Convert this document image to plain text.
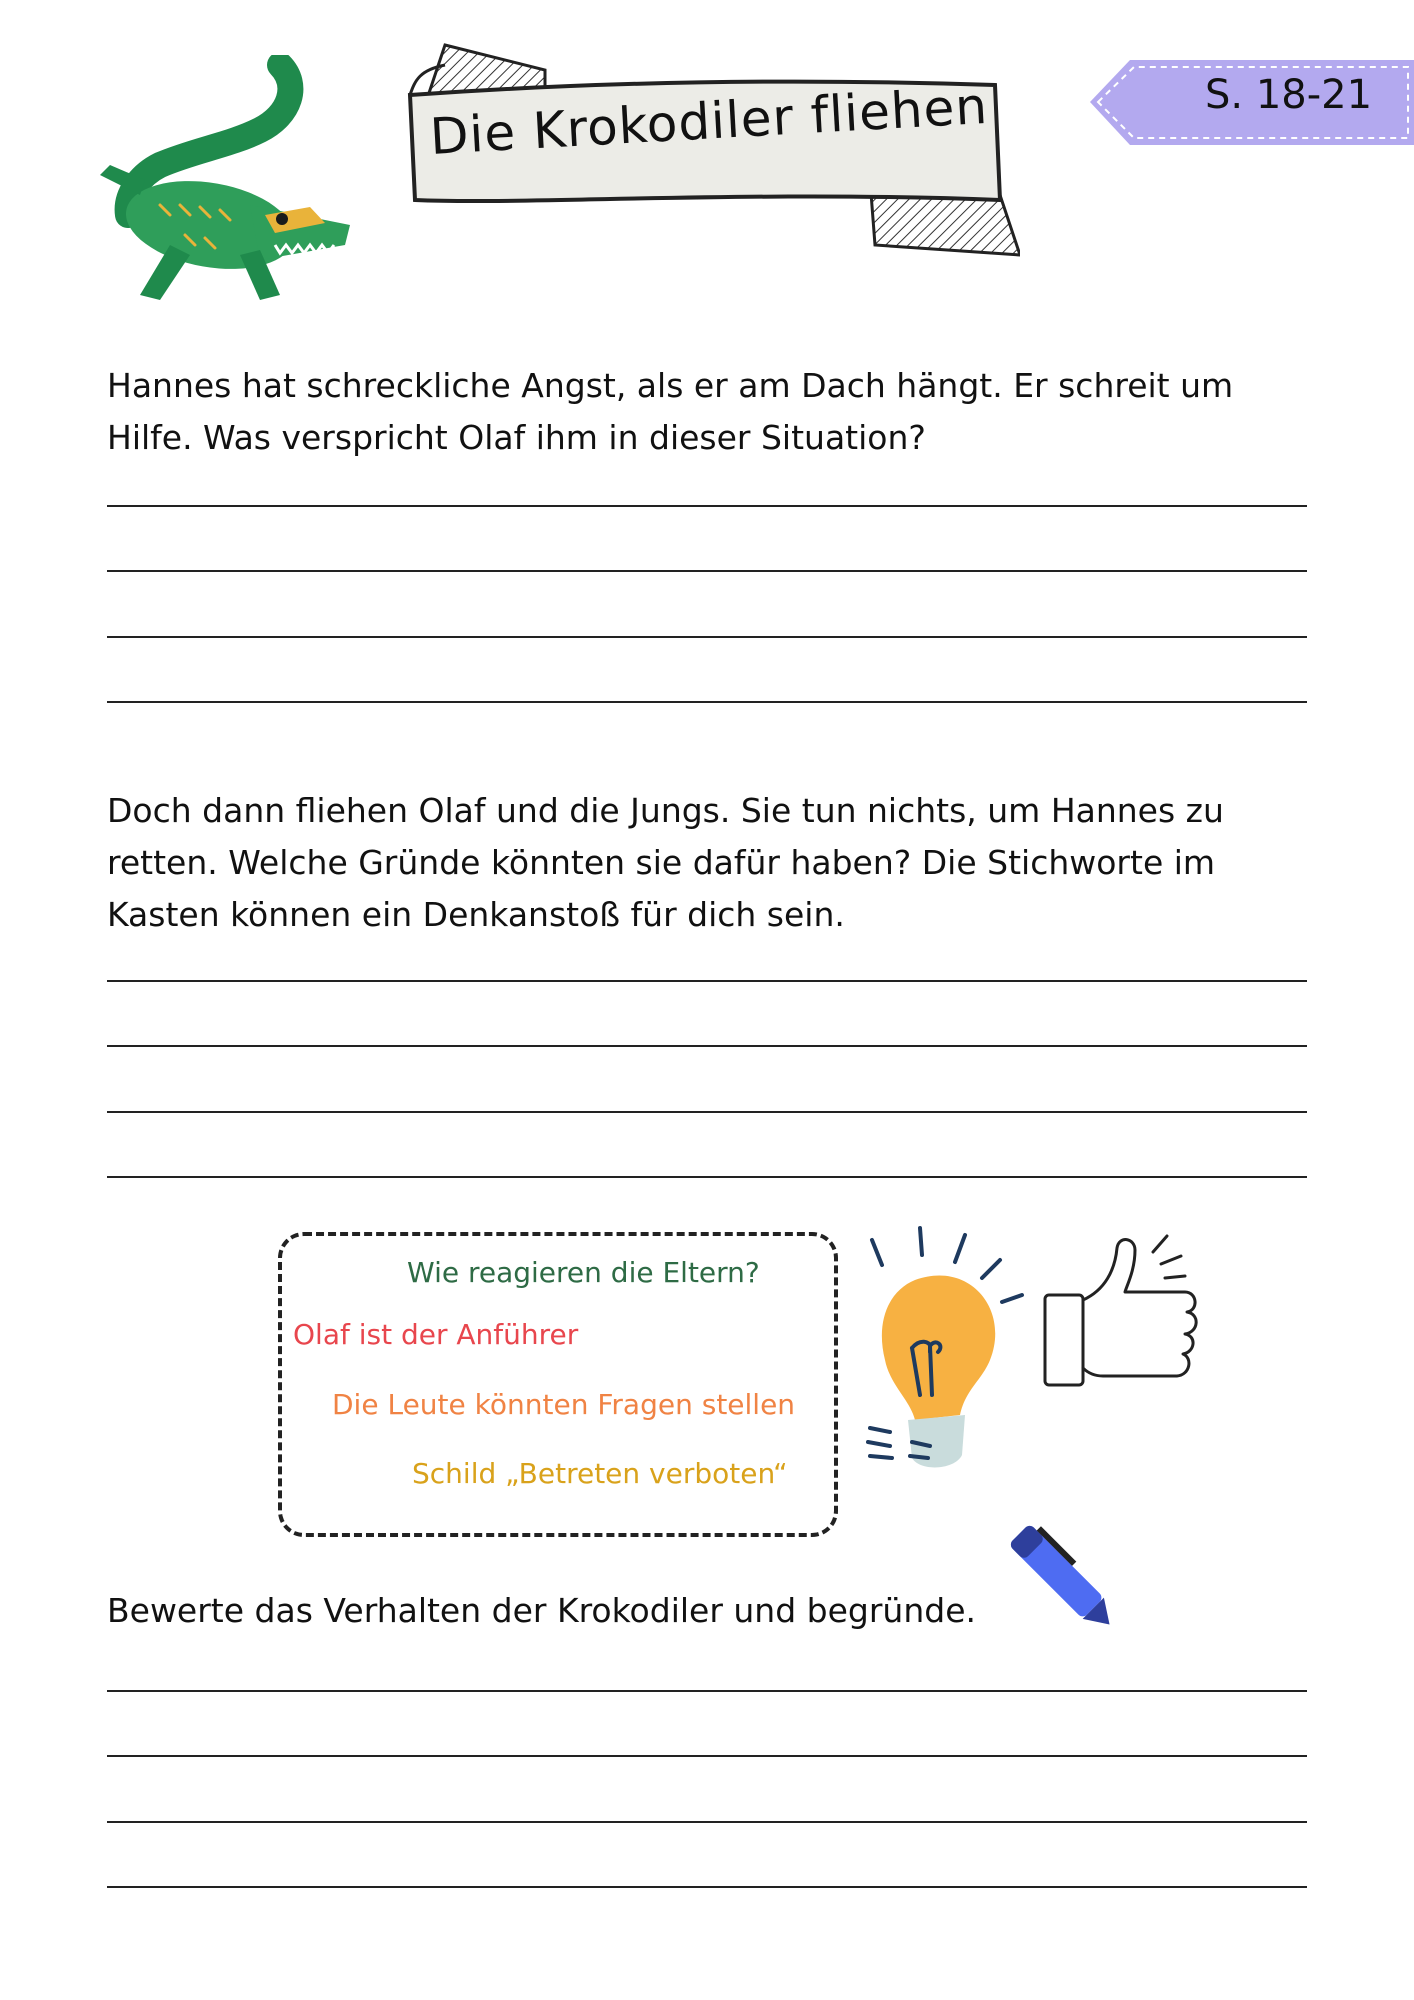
Die Krokodiler fliehen	S. 18-21
Hannes hat schreckliche Angst, als er am Dach hängt. Er schreit um Hilfe. Was verspricht Olaf ihm in dieser Situation?
Doch dann fliehen Olaf und die Jungs. Sie tun nichts, um Hannes zu retten. Welche Gründe könnten sie dafür haben? Die Stichworte im Kasten können ein Denkanstoß für dich sein.
Wie reagieren die Eltern?
Olaf ist der Anführer
Die Leute könnten Fragen stellen
Schild „Betreten verboten“
Bewerte das Verhalten der Krokodiler und begründe.
